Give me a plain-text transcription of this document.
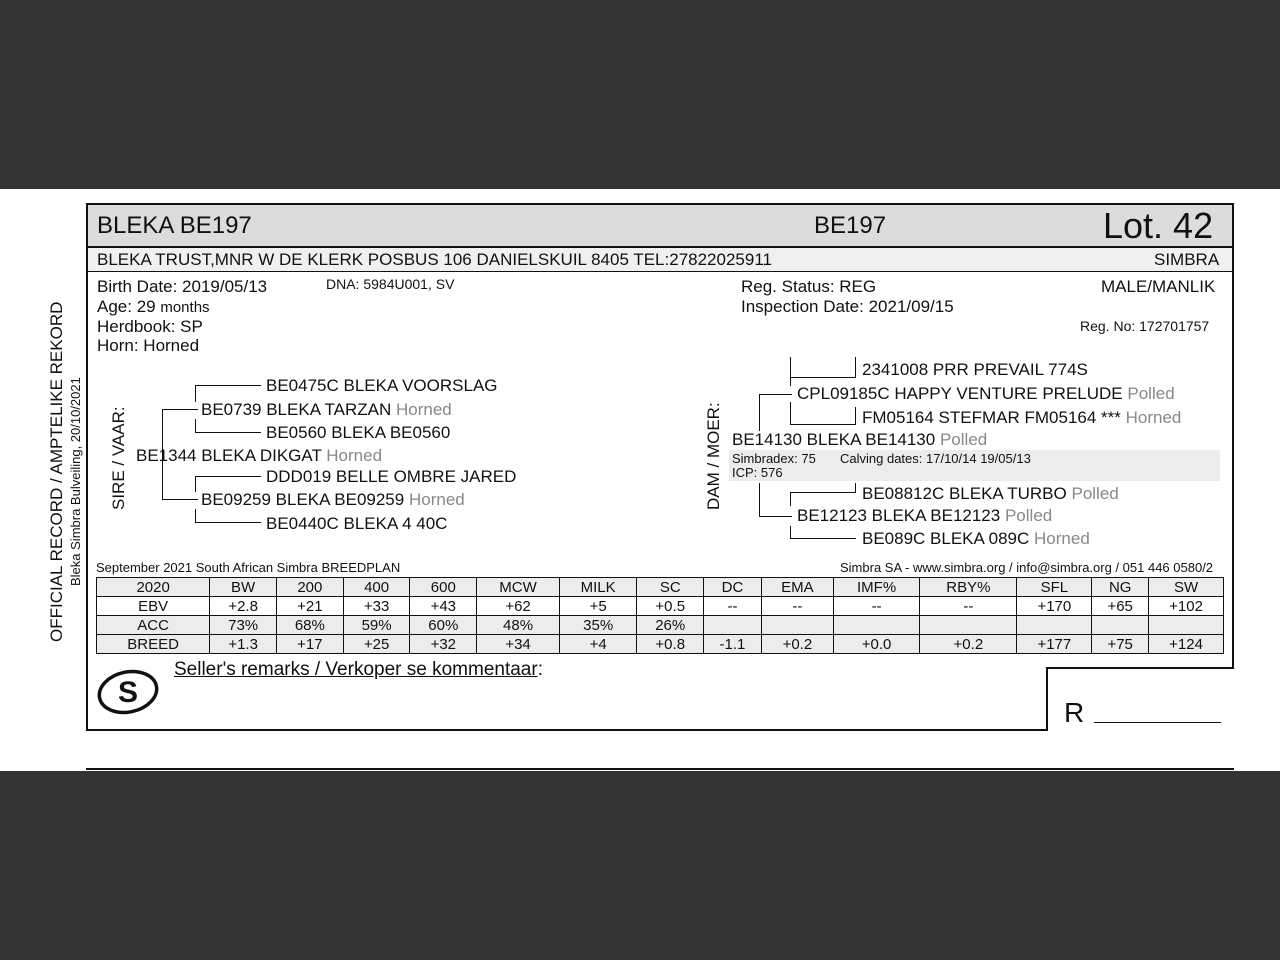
OFFICIAL RECORD / AMPTELIKE REKORD Bleka Simbra Bulveiling, 20/10/2021
BLEKA BE197	BE197	Lot. 42
BLEKA TRUST,MNR W DE KLERK POSBUS 106 DANIELSKUIL 8405 TEL:27822025911	SIMBRA
Birth Date: 2019/05/13	DNA: 5984U001, SV
Age: 29 months
Herdbook: SP
Horn: Horned
Reg. Status: REG
Inspection Date: 2021/09/15
MALE/MANLIK
Reg. No: 172701757
SIRE / VAAR:
BE0475C BLEKA VOORSLAG
BE0739 BLEKA TARZAN Horned
BE0560 BLEKA BE0560
BE1344 BLEKA DIKGAT Horned
DDD019 BELLE OMBRE JARED
BE09259 BLEKA BE09259 Horned
BE0440C BLEKA 4 40C
DAM / MOER:
2341008 PRR PREVAIL 774S
CPL09185C HAPPY VENTURE PRELUDE Polled
FM05164 STEFMAR FM05164 *** Horned
BE14130 BLEKA BE14130 Polled
Simbradex: 75 Calving dates: 17/10/14 19/05/13
ICP: 576
BE08812C BLEKA TURBO Polled
BE12123 BLEKA BE12123 Polled
BE089C BLEKA 089C Horned
September 2021 South African Simbra BREEDPLAN	Simbra SA - www.simbra.org / info@simbra.org / 051 446 0580/2
2020	BW	200	400	600	MCW	MILK	SC	DC	EMA	IMF%	RBY%	SFL	NG	SW
EBV	+2.8	+21	+33	+43	+62	+5	+0.5	--	--	--	--	+170	+65	+102
ACC	73%	68%	59%	60%	48%	35%	26%							
BREED	+1.3	+17	+25	+32	+34	+4	+0.8	-1.1	+0.2	+0.0	+0.2	+177	+75	+124
S
Seller's remarks / Verkoper se kommentaar:
R
